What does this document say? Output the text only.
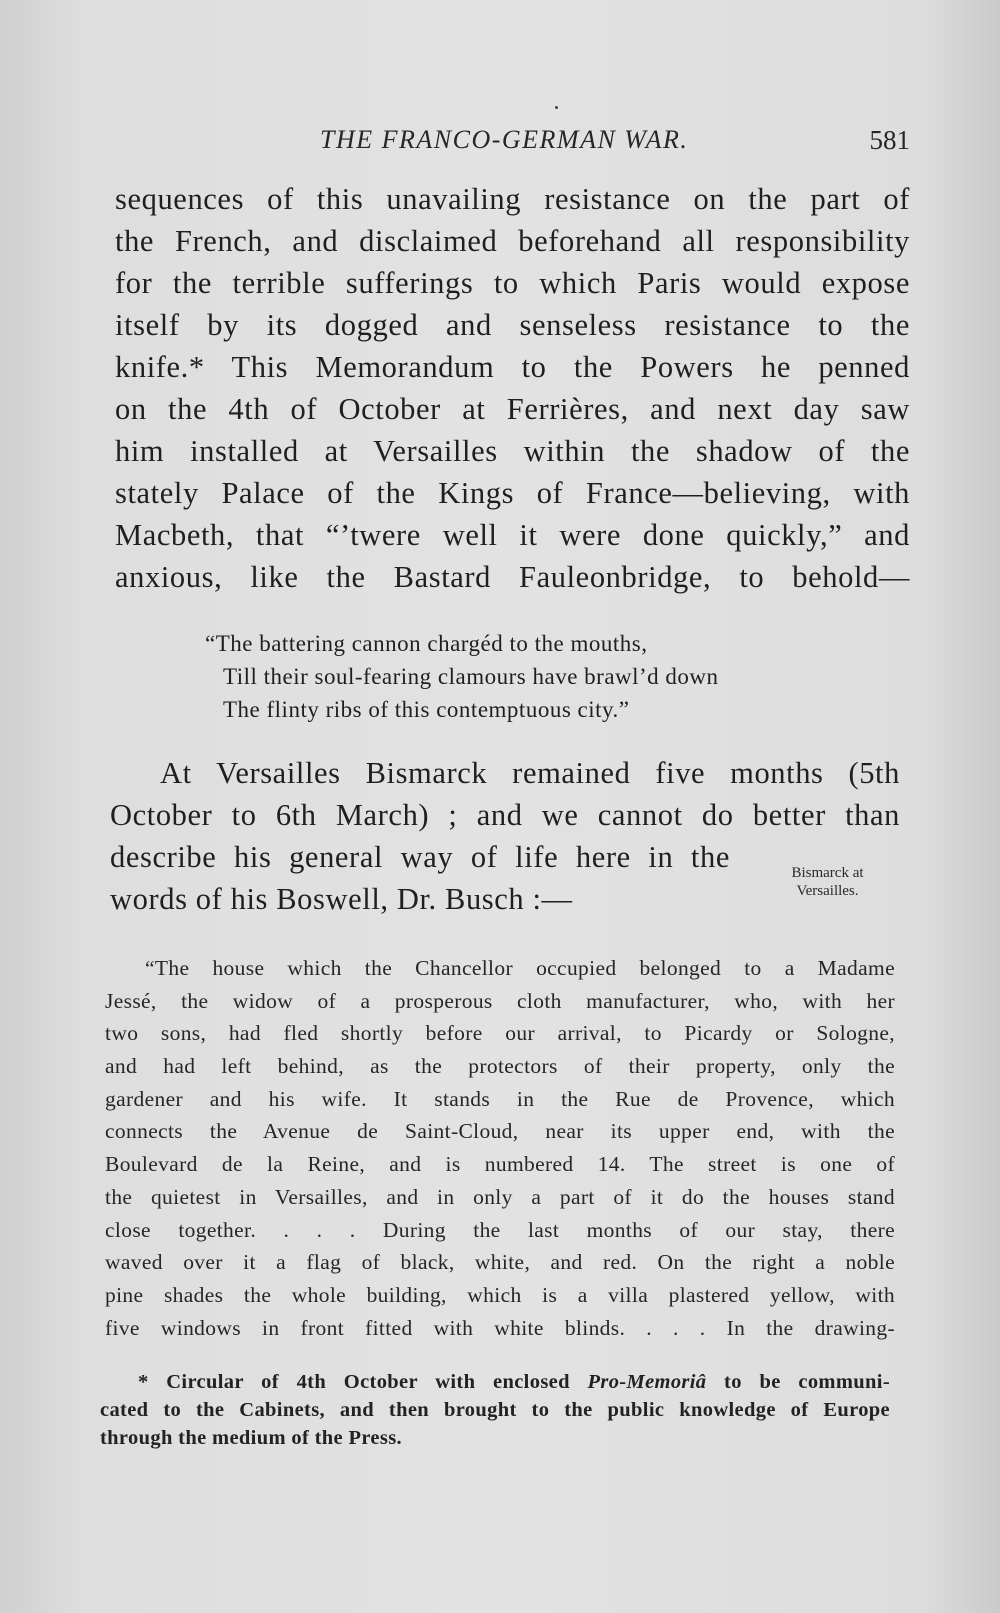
THE FRANCO-GERMAN WAR.	581
sequences of this unavailing resistance on the part of
the French, and disclaimed beforehand all responsibility
for the terrible sufferings to which Paris would expose
itself by its dogged and senseless resistance to the
knife.* This Memorandum to the Powers he penned
on the 4th of October at Ferrières, and next day saw
him installed at Versailles within the shadow of the
stately Palace of the Kings of France—believing, with
Macbeth, that “’twere well it were done quickly,” and
anxious, like the Bastard Fauleonbridge, to behold—
“The battering cannon chargéd to the mouths,
Till their soul-fearing clamours have brawl’d down
The flinty ribs of this contemptuous city.”
At Versailles Bismarck remained five months (5th
October to 6th March) ; and we cannot do better than
describe his general way of life here in the
words of his Boswell, Dr. Busch :—
Bismarck at
Versailles.
“The house which the Chancellor occupied belonged to a Madame
Jessé, the widow of a prosperous cloth manufacturer, who, with her
two sons, had fled shortly before our arrival, to Picardy or Sologne,
and had left behind, as the protectors of their property, only the
gardener and his wife. It stands in the Rue de Provence, which
connects the Avenue de Saint-Cloud, near its upper end, with the
Boulevard de la Reine, and is numbered 14. The street is one of
the quietest in Versailles, and in only a part of it do the houses stand
close together. . . . During the last months of our stay, there
waved over it a flag of black, white, and red. On the right a noble
pine shades the whole building, which is a villa plastered yellow, with
five windows in front fitted with white blinds. . . . In the drawing-
* Circular of 4th October with enclosed Pro-Memoriâ to be communi-
cated to the Cabinets, and then brought to the public knowledge of Europe
through the medium of the Press.
